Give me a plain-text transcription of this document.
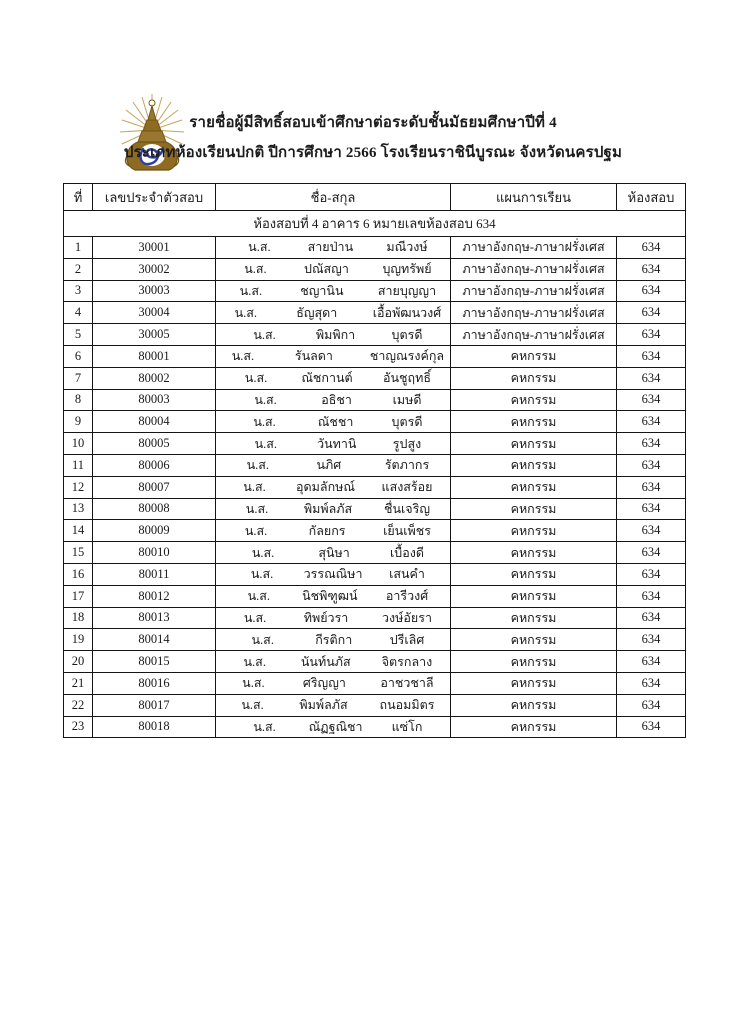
รายชื่อผู้มีสิทธิ์สอบเข้าศึกษาต่อระดับชั้นมัธยมศึกษาปีที่ 4
ประเภทห้องเรียนปกติ ปีการศึกษา 2566 โรงเรียนราชินีบูรณะ จังหวัดนครปฐม
ที่	เลขประจำตัวสอบ	ชื่อ-สกุล	แผนการเรียน	ห้องสอบ
ห้องสอบที่ 4 อาคาร 6 หมายเลขห้องสอบ 634				
1	30001	น.ส. สายป่าน มณีวงษ์	ภาษาอังกฤษ-ภาษาฝรั่งเศส	634
2	30002	น.ส. ปณัสญา บุญทรัพย์	ภาษาอังกฤษ-ภาษาฝรั่งเศส	634
3	30003	น.ส. ชญานิน สายบุญญา	ภาษาอังกฤษ-ภาษาฝรั่งเศส	634
4	30004	น.ส. ธัญสุดา เอื้อพัฒนวงศ์	ภาษาอังกฤษ-ภาษาฝรั่งเศส	634
5	30005	น.ส. พิมพิกา บุตรดี	ภาษาอังกฤษ-ภาษาฝรั่งเศส	634
6	80001	น.ส. รันลดา ชาญณรงค์กุล	คหกรรม	634
7	80002	น.ส. ณัชกานต์ อันชูฤทธิ์	คหกรรม	634
8	80003	น.ส. อธิชา เมษดี	คหกรรม	634
9	80004	น.ส. ณัชชา บุตรดี	คหกรรม	634
10	80005	น.ส. วันทานิ รูปสูง	คหกรรม	634
11	80006	น.ส. นภิศ รัตภากร	คหกรรม	634
12	80007	น.ส. อุดมลักษณ์ แสงสร้อย	คหกรรม	634
13	80008	น.ส. พิมพ์ลภัส ชื่นเจริญ	คหกรรม	634
14	80009	น.ส. กัลยกร เย็นเพ็ชร	คหกรรม	634
15	80010	น.ส. สุนิษา เบื้องดี	คหกรรม	634
16	80011	น.ส. วรรณณิษา เสนคำ	คหกรรม	634
17	80012	น.ส. นิชพิฑูฒน์ อารีวงศ์	คหกรรม	634
18	80013	น.ส. ทิพย์วรา วงษ์อัยรา	คหกรรม	634
19	80014	น.ส. กีรติกา ปรีเลิศ	คหกรรม	634
20	80015	น.ส. นันท์นภัส จิตรกลาง	คหกรรม	634
21	80016	น.ส. ศริญญา อาชวชาลี	คหกรรม	634
22	80017	น.ส. พิมพ์ลภัส ถนอมมิตร	คหกรรม	634
23	80018	น.ส. ณัฏฐณิชา แซ่โก	คหกรรม	634
